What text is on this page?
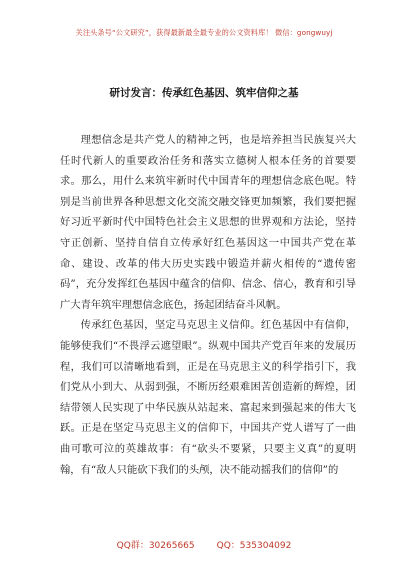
关注头条号“公文研究”，获得最新最全最专业的公文资料库！ 微信：gongwuyj
研讨发言：传承红色基因、筑牢信仰之基

理想信念是共产党人的精神之钙，也是培养担当民族复兴大任时代新人的重要政治任务和落实立德树人根本任务的首要要求。那么，用什么来筑牢新时代中国青年的理想信念底色呢。特别是当前世界各种思想文化交流交融交锋更加频繁，我们要把握好习近平新时代中国特色社会主义思想的世界观和方法论，坚持守正创新、坚持自信自立传承好红色基因这一中国共产党在革命、建设、改革的伟大历史实践中锻造并薪火相传的“遗传密码”，充分发挥红色基因中蕴含的信仰、信念、信心，教育和引导广大青年筑牢理想信念底色，扬起团结奋斗风帆。

传承红色基因，坚定马克思主义信仰。红色基因中有信仰，能够使我们“不畏浮云遮望眼”。纵观中国共产党百年来的发展历程，我们可以清晰地看到，正是在马克思主义的科学指引下，我们党从小到大、从弱到强，不断历经艰难困苦创造新的辉煌，团结带领人民实现了中华民族从站起来、富起来到强起来的伟大飞跃。正是在坚定马克思主义的信仰下，中国共产党人谱写了一曲曲可歌可泣的英雄故事：有“砍头不要紧，只要主义真”的夏明翰，有“敌人只能砍下我们的头颅，决不能动摇我们的信仰”的

QQ群：30265665 QQ：535304092
